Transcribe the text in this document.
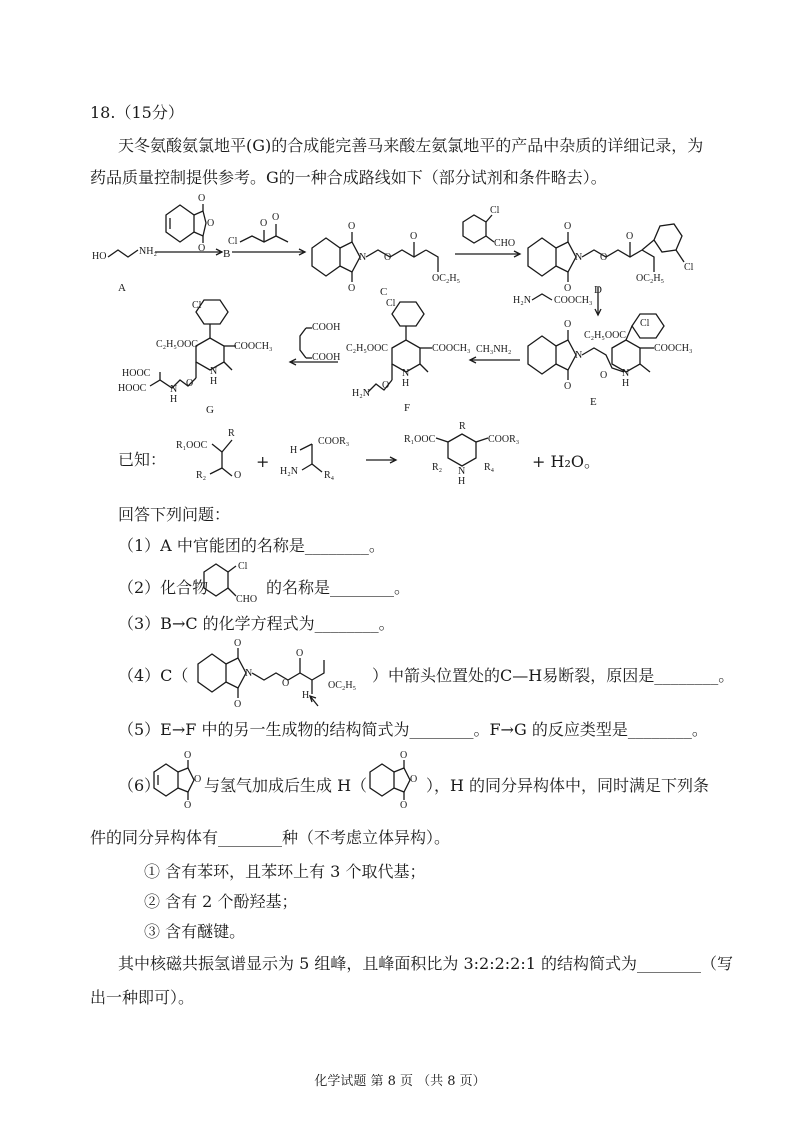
18.（15分）
天冬氨酸氨氯地平(G)的合成能完善马来酸左氨氯地平的产品中杂质的详细记录，为
药品质量控制提供参考。G的一种合成路线如下（部分试剂和条件略去）。
HO	NH₂
A
O
O
O B
Cl
O
O
O
N
O
O
O
OC₂H₅
C
Cl
CHO
O
N
O
O
O
OC₂H₅
Cl
D
H₂N COOCH₃
O
N
O
O
C₂H₅OOC
Cl
COOCH₃
N
H
E
CH₃NH₂
C₂H₅OOC
Cl
COOCH₃
N
H
O
H₂N
F
COOH
COOH
C₂H₅OOC
Cl
COOCH₃
N
H
O
HOOC
HOOC N
H
G
已知：
R₁OOC
R
R₂	O
+
H
COOR₃
H₂N	R₄
R₁OOC
R
COOR₃
R₂ N
H
R₄ + H₂O。
回答下列问题：
（1）A 中官能团的名称是________。
（2）化合物
Cl
CHO
的名称是________。
（3）B→C 的化学方程式为________。
（4）C（
O
N
O
O
O
H
OC₂H₅
）中箭头位置处的C—H易断裂，原因是________。
（5）E→F 中的另一生成物的结构简式为________。F→G 的反应类型是________。
（6）
O
O
O
与氢气加成后生成 H（
O
O
O
），H 的同分异构体中，同时满足下列条
件的同分异构体有________种（不考虑立体异构）。
① 含有苯环，且苯环上有 3 个取代基；
② 含有 2 个酚羟基；
③ 含有醚键。
其中核磁共振氢谱显示为 5 组峰，且峰面积比为 3:2:2:2:1 的结构简式为________（写
出一种即可）。
化学试题 第 8 页 （共 8 页）
